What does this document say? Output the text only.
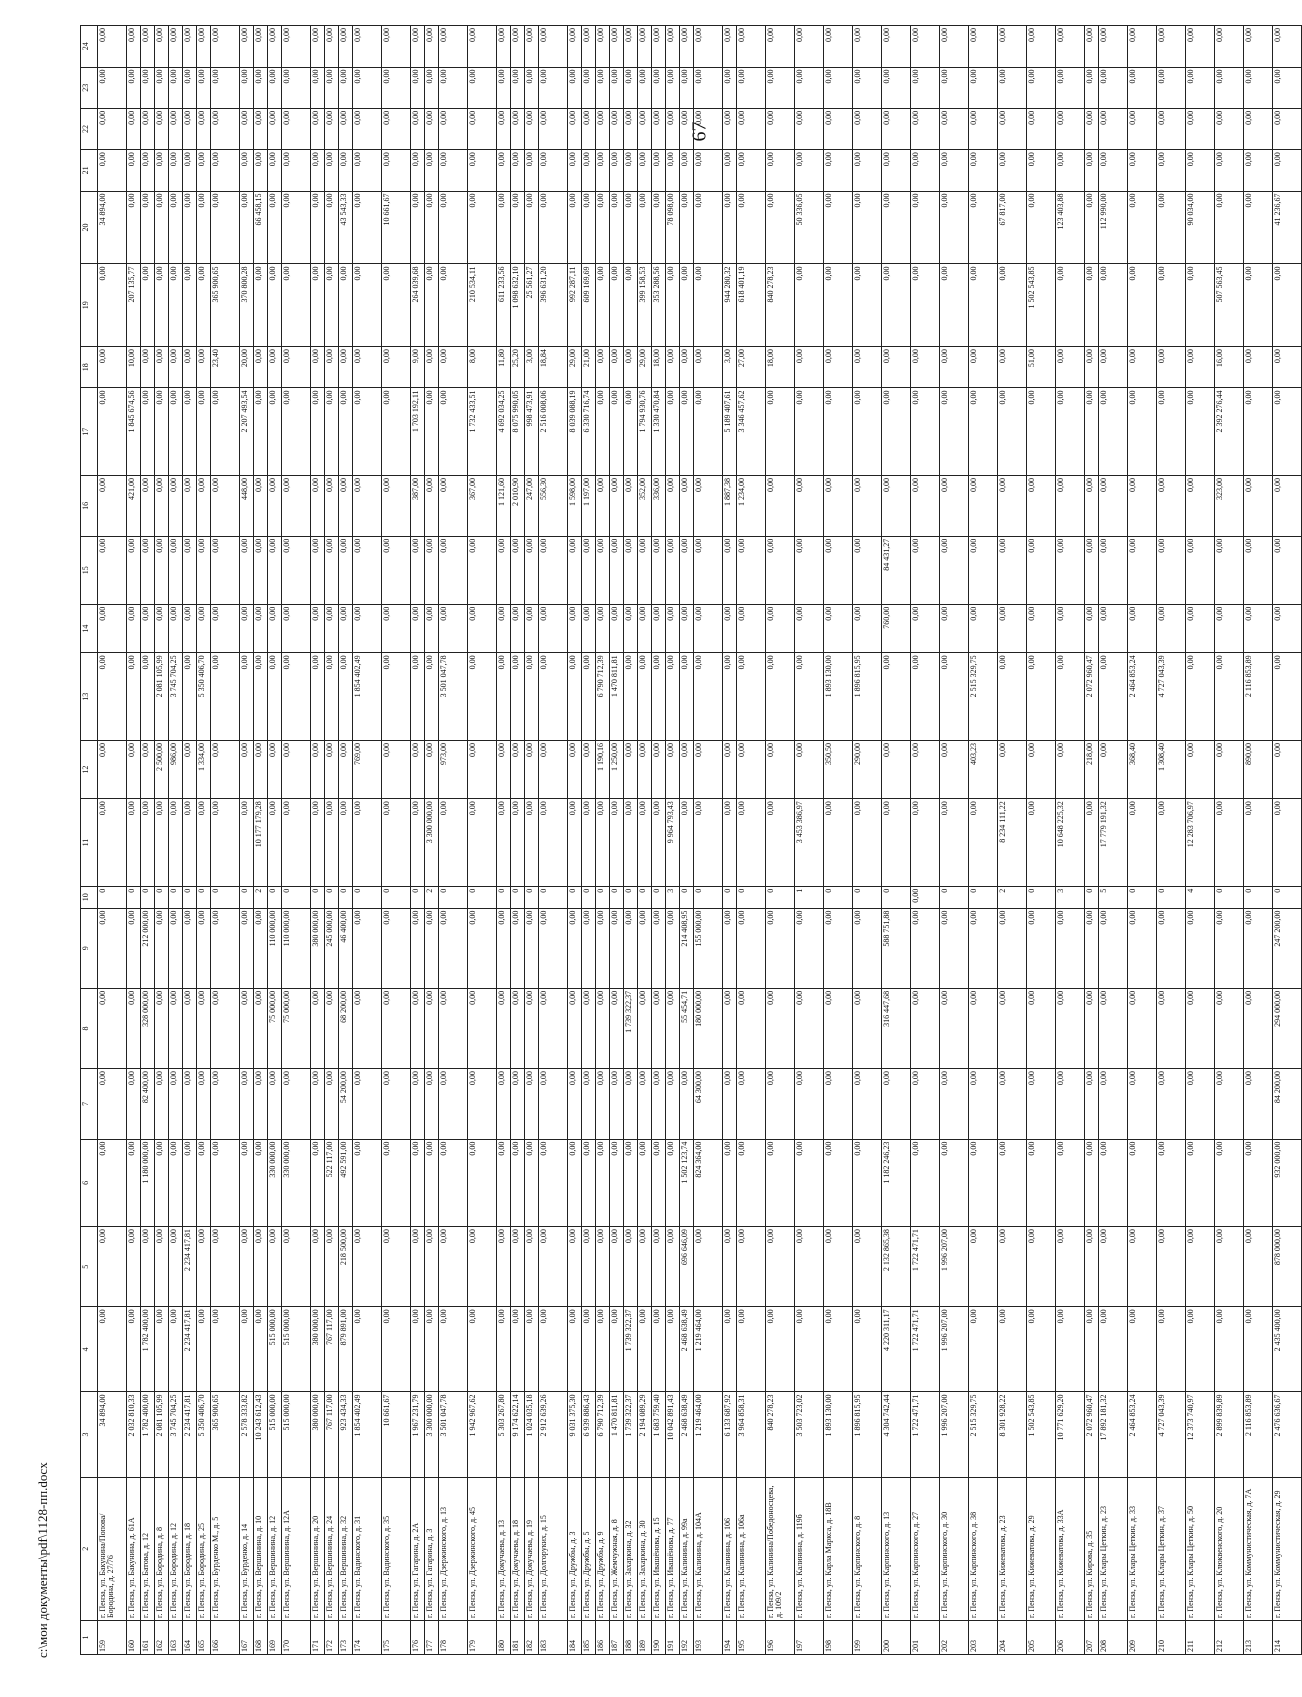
67
1	2	3	4	5	6	7	8	9	10	11	12	13	14	15	16	17	18	19	20	21	22	23	24
159	г. Пенза, ул. Бакунина/Попова/Бородина, д. 27/76	34 894,00	0,00	0,00	0,00	0,00	0,00	0,00	0	0,00	0,00	0,00	0,00	0,00	0,00	0,00	0,00	0,00	34 894,00	0,00	0,00	0,00	0,00
160	г. Пенза, ул. Бакунина, д. 61А	2 032 810,33	0,00	0,00	0,00	0,00	0,00	0,00	0	0,00	0,00	0,00	0,00	0,00	421,00	1 845 674,56	10,00	207 135,77	0,00	0,00	0,00	0,00	0,00
161	г. Пенза, ул. Батова, д. 12	1 782 400,00	1 782 400,00	0,00	1 180 000,00	82 400,00	328 000,00	212 000,00	0	0,00	0,00	0,00	0,00	0,00	0,00	0,00	0,00	0,00	0,00	0,00	0,00	0,00	0,00
162	г. Пенза, ул. Бородина, д. 8	2 081 105,99	0,00	0,00	0,00	0,00	0,00	0,00	0	0,00	2 500,00	2 081 105,99	0,00	0,00	0,00	0,00	0,00	0,00	0,00	0,00	0,00	0,00	0,00
163	г. Пенза, ул. Бородина, д. 12	3 745 704,25	0,00	0,00	0,00	0,00	0,00	0,00	0	0,00	986,00	3 745 704,25	0,00	0,00	0,00	0,00	0,00	0,00	0,00	0,00	0,00	0,00	0,00
164	г. Пенза, ул. Бородина, д. 18	2 234 417,81	2 234 417,81	2 234 417,81	0,00	0,00	0,00	0,00	0	0,00	0,00	0,00	0,00	0,00	0,00	0,00	0,00	0,00	0,00	0,00	0,00	0,00	0,00
165	г. Пенза, ул. Бородина, д. 25	5 350 406,70	0,00	0,00	0,00	0,00	0,00	0,00	0	0,00	1 334,00	5 350 406,70	0,00	0,00	0,00	0,00	0,00	0,00	0,00	0,00	0,00	0,00	0,00
166	г. Пенза, ул. Бурденко М., д. 5	365 900,65	0,00	0,00	0,00	0,00	0,00	0,00	0	0,00	0,00	0,00	0,00	0,00	0,00	0,00	23,40	365 900,65	0,00	0,00	0,00	0,00	0,00
167	г. Пенза, ул. Бурденко, д. 14	2 578 333,82	0,00	0,00	0,00	0,00	0,00	0,00	0	0,00	0,00	0,00	0,00	0,00	448,00	2 207 493,54	20,00	370 800,28	0,00	0,00	0,00	0,00	0,00
168	г. Пенза, ул. Вершинина, д. 10	10 243 612,43	0,00	0,00	0,00	0,00	0,00	0,00	2	10 177 179,28	0,00	0,00	0,00	0,00	0,00	0,00	0,00	0,00	66 458,15	0,00	0,00	0,00	0,00
169	г. Пенза, ул. Вершинина, д. 12	515 000,00	515 000,00	0,00	330 000,00	0,00	75 000,00	110 000,00	0	0,00	0,00	0,00	0,00	0,00	0,00	0,00	0,00	0,00	0,00	0,00	0,00	0,00	0,00
170	г. Пенза, ул. Вершинина, д. 12А	515 000,00	515 000,00	0,00	330 000,00	0,00	75 000,00	110 000,00	0	0,00	0,00	0,00	0,00	0,00	0,00	0,00	0,00	0,00	0,00	0,00	0,00	0,00	0,00
171	г. Пенза, ул. Вершинина, д. 20	380 000,00	380 000,00	0,00	0,00	0,00	0,00	380 000,00	0	0,00	0,00	0,00	0,00	0,00	0,00	0,00	0,00	0,00	0,00	0,00	0,00	0,00	0,00
172	г. Пенза, ул. Вершинина, д. 24	767 117,00	767 117,00	0,00	522 117,00	0,00	0,00	245 000,00	0	0,00	0,00	0,00	0,00	0,00	0,00	0,00	0,00	0,00	0,00	0,00	0,00	0,00	0,00
173	г. Пенза, ул. Вершинина, д. 32	923 434,33	879 891,00	218 500,00	492 591,00	54 200,00	68 200,00	46 400,00	0	0,00	0,00	0,00	0,00	0,00	0,00	0,00	0,00	0,00	43 543,33	0,00	0,00	0,00	0,00
174	г. Пенза, ул. Вадинского, д. 31	1 854 402,49	0,00	0,00	0,00	0,00	0,00	0,00	0	0,00	769,00	1 854 402,49	0,00	0,00	0,00	0,00	0,00	0,00	0,00	0,00	0,00	0,00	0,00
175	г. Пенза, ул. Вадинского, д. 35	10 661,67	0,00	0,00	0,00	0,00	0,00	0,00	0	0,00	0,00	0,00	0,00	0,00	0,00	0,00	0,00	0,00	10 661,67	0,00	0,00	0,00	0,00
176	г. Пенза, ул. Гагарина, д. 2А	1 967 231,79	0,00	0,00	0,00	0,00	0,00	0,00	0	0,00	0,00	0,00	0,00	0,00	387,00	1 703 192,11	9,00	264 039,68	0,00	0,00	0,00	0,00	0,00
177	г. Пенза, ул. Гагарина, д. 3	3 300 000,00	0,00	0,00	0,00	0,00	0,00	0,00	2	3 300 000,00	0,00	0,00	0,00	0,00	0,00	0,00	0,00	0,00	0,00	0,00	0,00	0,00	0,00
178	г. Пенза, ул. Дзержинского, д. 13	3 501 047,78	0,00	0,00	0,00	0,00	0,00	0,00	0	0,00	973,00	3 501 047,78	0,00	0,00	0,00	0,00	0,00	0,00	0,00	0,00	0,00	0,00	0,00
179	г. Пенза, ул. Дзержинского, д. 45	1 942 967,62	0,00	0,00	0,00	0,00	0,00	0,00	0	0,00	0,00	0,00	0,00	0,00	367,00	1 732 433,51	8,00	210 534,11	0,00	0,00	0,00	0,00	0,00
180	г. Пенза, ул. Докучаева, д. 13	5 303 267,80	0,00	0,00	0,00	0,00	0,00	0,00	0	0,00	0,00	0,00	0,00	0,00	1 121,60	4 692 034,25	11,80	611 233,56	0,00	0,00	0,00	0,00	0,00
181	г. Пенза, ул. Докучаева, д. 18	9 174 622,14	0,00	0,00	0,00	0,00	0,00	0,00	0	0,00	0,00	0,00	0,00	0,00	2 010,90	8 075 990,05	25,20	1 098 632,10	0,00	0,00	0,00	0,00	0,00
182	г. Пенза, ул. Докучаева, д. 19	1 024 035,18	0,00	0,00	0,00	0,00	0,00	0,00	0	0,00	0,00	0,00	0,00	0,00	247,00	998 473,91	3,00	25 561,27	0,00	0,00	0,00	0,00	0,00
183	г. Пенза, ул. Долгоруких, д. 15	2 912 639,26	0,00	0,00	0,00	0,00	0,00	0,00	0	0,00	0,00	0,00	0,00	0,00	556,30	2 516 008,06	18,84	396 631,20	0,00	0,00	0,00	0,00	0,00
184	г. Пенза, ул. Дружбы, д. 3	9 031 375,30	0,00	0,00	0,00	0,00	0,00	0,00	0	0,00	0,00	0,00	0,00	0,00	1 598,00	8 039 088,19	29,00	992 287,11	0,00	0,00	0,00	0,00	0,00
185	г. Пенза, ул. Дружбы, д. 5	6 939 886,43	0,00	0,00	0,00	0,00	0,00	0,00	0	0,00	0,00	0,00	0,00	0,00	1 197,00	6 330 716,74	21,00	609 169,69	0,00	0,00	0,00	0,00	0,00
186	г. Пенза, ул. Дружбы, д. 9	6 790 712,39	0,00	0,00	0,00	0,00	0,00	0,00	0	0,00	1 190,16	6 790 712,39	0,00	0,00	0,00	0,00	0,00	0,00	0,00	0,00	0,00	0,00	0,00
187	г. Пенза, ул. Жемчужная, д. 8	1 470 811,81	0,00	0,00	0,00	0,00	0,00	0,00	0	0,00	1 250,00	1 470 811,81	0,00	0,00	0,00	0,00	0,00	0,00	0,00	0,00	0,00	0,00	0,00
188	г. Пенза, ул. Захаркина, д. 32	1 739 322,37	1 739 322,37	0,00	0,00	0,00	1 739 322,37	0,00	0	0,00	0,00	0,00	0,00	0,00	0,00	0,00	0,00	0,00	0,00	0,00	0,00	0,00	0,00
189	г. Пенза, ул. Захаркина, д. 30	2 194 089,29	0,00	0,00	0,00	0,00	0,00	0,00	0	0,00	0,00	0,00	0,00	0,00	352,00	1 794 930,76	29,00	399 158,53	0,00	0,00	0,00	0,00	0,00
190	г. Пенза, ул. Ивашёнова, д. 15	1 683 759,40	0,00	0,00	0,00	0,00	0,00	0,00	0	0,00	0,00	0,00	0,00	0,00	336,00	1 330 470,84	18,00	353 288,56	0,00	0,00	0,00	0,00	0,00
191	г. Пенза, ул. Ивашёнова, д. 77	10 042 891,43	0,00	0,00	0,00	0,00	0,00	0,00	3	9 964 793,43	0,00	0,00	0,00	0,00	0,00	0,00	0,00	0,00	78 098,00	0,00	0,00	0,00	0,00
192	г. Пенза, ул. Калинина, д. 99а	2 468 638,49	2 468 638,49	696 646,09	1 502 123,74	0,00	55 454,71	214 408,95	0	0,00	0,00	0,00	0,00	0,00	0,00	0,00	0,00	0,00	0,00	0,00	0,00	0,00	0,00
193	г. Пенза, ул. Калинина, д. 104А	1 219 464,00	1 219 464,00	0,00	824 364,00	64 300,00	180 000,00	155 000,00	0	0,00	0,00	0,00	0,00	0,00	0,00	0,00	0,00	0,00	0,00	0,00	0,00	0,00	0,00
194	г. Пенза, ул. Калинина, д. 106	6 133 687,92	0,00	0,00	0,00	0,00	0,00	0,00	0	0,00	0,00	0,00	0,00	0,00	1 887,38	5 189 407,61	3,00	944 280,32	0,00	0,00	0,00	0,00	0,00
195	г. Пенза, ул. Калинина, д. 106а	3 964 858,31	0,00	0,00	0,00	0,00	0,00	0,00	0	0,00	0,00	0,00	0,00	0,00	1 234,00	3 346 457,62	27,00	618 401,19	0,00	0,00	0,00	0,00	0,00
196	г. Пенза, ул. Калинина/Победоносцева, д. 109/2	840 278,23	0,00	0,00	0,00	0,00	0,00	0,00	0	0,00	0,00	0,00	0,00	0,00	0,00	0,00	18,00	840 278,23	0,00	0,00	0,00	0,00	0,00
197	г. Пенза, ул. Калинина, д. 119б	3 503 723,02	0,00	0,00	0,00	0,00	0,00	0,00	1	3 453 386,97	0,00	0,00	0,00	0,00	0,00	0,00	0,00	0,00	50 336,05	0,00	0,00	0,00	0,00
198	г. Пенза, ул. Карла Маркса, д. 18В	1 893 130,00	0,00	0,00	0,00	0,00	0,00	0,00	0	0,00	350,50	1 893 130,00	0,00	0,00	0,00	0,00	0,00	0,00	0,00	0,00	0,00	0,00	0,00
199	г. Пенза, ул. Карпинского, д. 8	1 896 815,95	0,00	0,00	0,00	0,00	0,00	0,00	0	0,00	290,00	1 896 815,95	0,00	0,00	0,00	0,00	0,00	0,00	0,00	0,00	0,00	0,00	0,00
200	г. Пенза, ул. Карпинского, д. 13	4 304 742,44	4 220 311,17	2 132 865,38	1 182 246,23	0,00	316 447,68	588 751,88	0	0,00	0,00	0,00	760,00	84 431,27	0,00	0,00	0,00	0,00	0,00	0,00	0,00	0,00	0,00
201	г. Пенза, ул. Карпинского, д. 27	1 722 471,71	1 722 471,71	1 722 471,71	0,00	0,00	0,00	0,00	0,00	0,00	0,00	0,00	0,00	0,00	0,00	0,00	0,00	0,00	0,00	0,00	0,00	0,00	0,00
202	г. Пенза, ул. Карпинского, д. 30	1 996 207,00	1 996 207,00	1 996 207,00	0,00	0,00	0,00	0,00	0	0,00	0,00	0,00	0,00	0,00	0,00	0,00	0,00	0,00	0,00	0,00	0,00	0,00	0,00
203	г. Пенза, ул. Карпинского, д. 38	2 515 329,75	0,00	0,00	0,00	0,00	0,00	0,00	0	0,00	403,23	2 515 329,75	0,00	0,00	0,00	0,00	0,00	0,00	0,00	0,00	0,00	0,00	0,00
204	г. Пенза, ул. Кижеватова, д. 23	8 301 928,22	0,00	0,00	0,00	0,00	0,00	0,00	2	8 234 111,22	0,00	0,00	0,00	0,00	0,00	0,00	0,00	0,00	67 817,00	0,00	0,00	0,00	0,00
205	г. Пенза, ул. Кижеватова, д. 29	1 502 543,85	0,00	0,00	0,00	0,00	0,00	0,00	0	0,00	0,00	0,00	0,00	0,00	0,00	0,00	51,00	1 502 543,85	0,00	0,00	0,00	0,00	0,00
206	г. Пенза, ул. Кижеватова, д. 33А	10 771 629,20	0,00	0,00	0,00	0,00	0,00	0,00	3	10 648 225,32	0,00	0,00	0,00	0,00	0,00	0,00	0,00	0,00	123 403,88	0,00	0,00	0,00	0,00
207	г. Пенза, ул. Кирова, д. 35	2 072 960,47	0,00	0,00	0,00	0,00	0,00	0,00	0	0,00	218,00	2 072 960,47	0,00	0,00	0,00	0,00	0,00	0,00	0,00	0,00	0,00	0,00	0,00
208	г. Пенза, ул. Клары Цеткин, д. 23	17 892 181,32	0,00	0,00	0,00	0,00	0,00	0,00	5	17 779 191,32	0,00	0,00	0,00	0,00	0,00	0,00	0,00	0,00	112 990,00	0,00	0,00	0,00	0,00
209	г. Пенза, ул. Клары Цеткин, д. 33	2 464 853,24	0,00	0,00	0,00	0,00	0,00	0,00	0	0,00	368,40	2 464 853,24	0,00	0,00	0,00	0,00	0,00	0,00	0,00	0,00	0,00	0,00	0,00
210	г. Пенза, ул. Клары Цеткин, д. 37	4 727 043,39	0,00	0,00	0,00	0,00	0,00	0,00	0	0,00	1 308,40	4 727 043,39	0,00	0,00	0,00	0,00	0,00	0,00	0,00	0,00	0,00	0,00	0,00
211	г. Пенза, ул. Клары Цеткин, д. 50	12 373 740,97	0,00	0,00	0,00	0,00	0,00	0,00	4	12 283 706,97	0,00	0,00	0,00	0,00	0,00	0,00	0,00	0,00	90 034,00	0,00	0,00	0,00	0,00
212	г. Пенза, ул. Клюквенского, д. 20	2 899 839,89	0,00	0,00	0,00	0,00	0,00	0,00	0	0,00	0,00	0,00	0,00	0,00	323,00	2 392 276,44	16,00	507 563,45	0,00	0,00	0,00	0,00	0,00
213	г. Пенза, ул. Коммунистическая, д. 7А	2 116 853,89	0,00	0,00	0,00	0,00	0,00	0,00	0	0,00	890,00	2 116 853,89	0,00	0,00	0,00	0,00	0,00	0,00	0,00	0,00	0,00	0,00	0,00
214	г. Пенза, ул. Коммунистическая, д. 29	2 476 636,67	2 435 400,00	878 000,00	932 000,00	84 200,00	294 000,00	247 200,00	0	0,00	0,00	0,00	0,00	0,00	0,00	0,00	0,00	0,00	41 236,67	0,00	0,00	0,00	0,00
c:\мои документы\pdf\1128-пп.docx
